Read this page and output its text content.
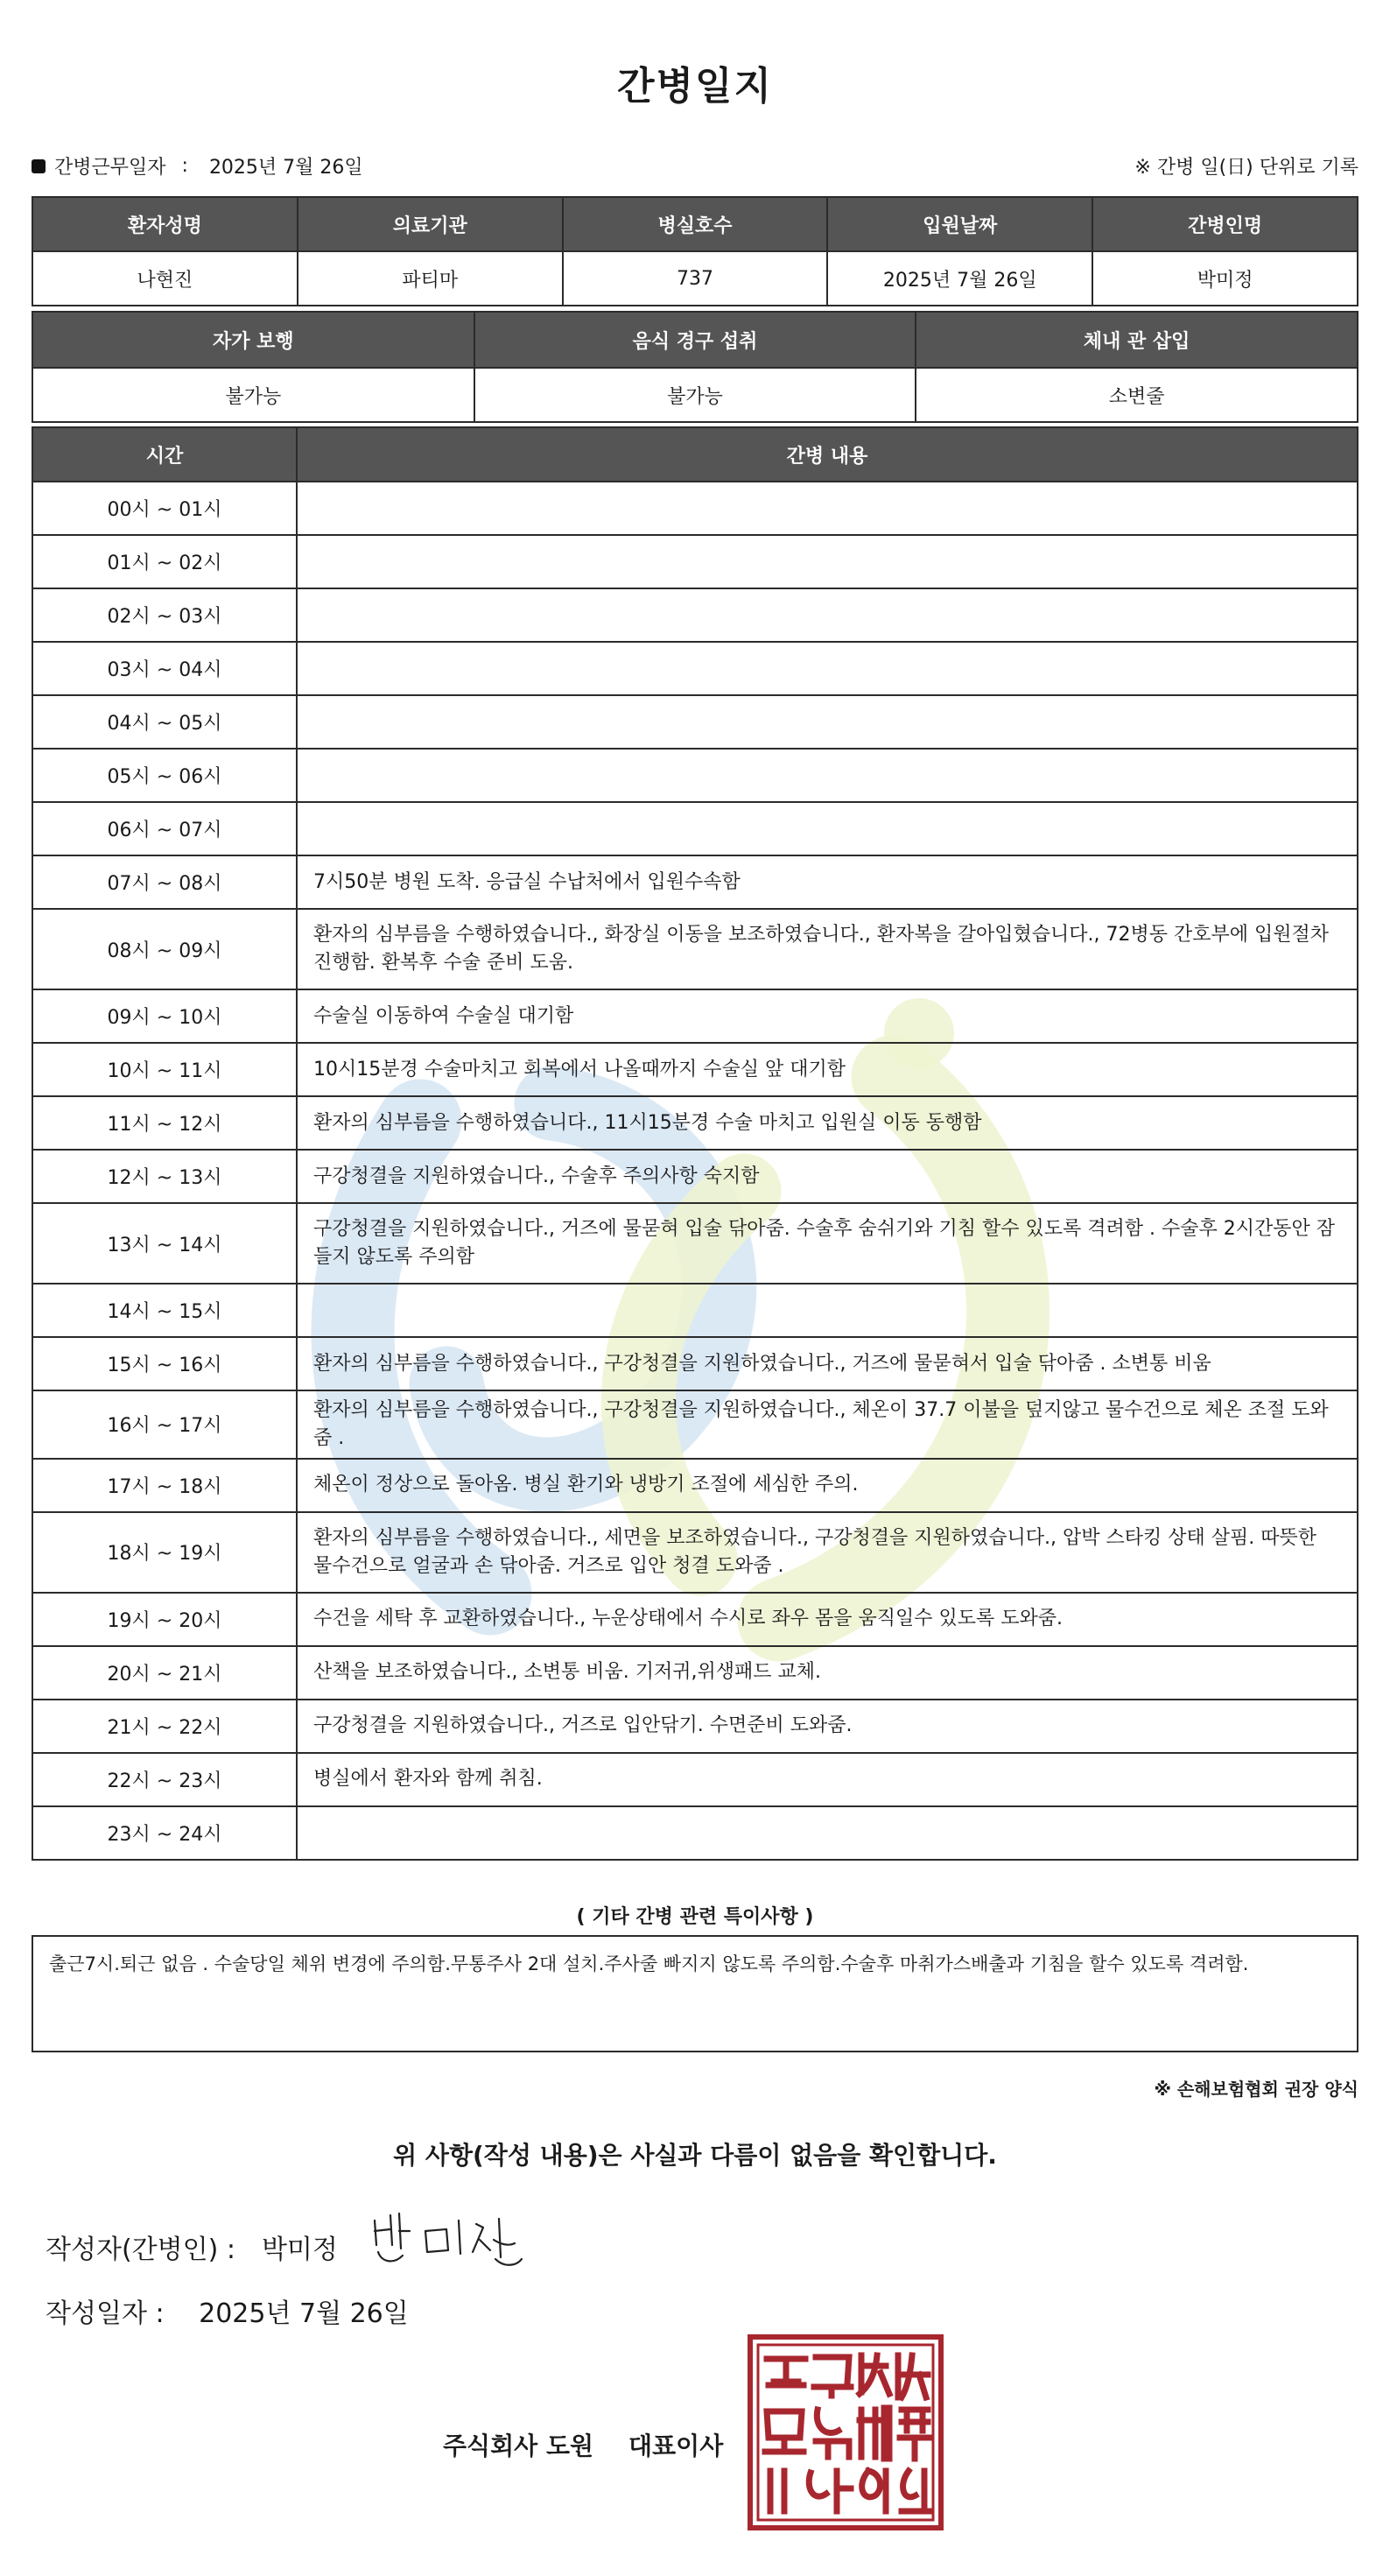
간병일지
간병근무일자 : 2025년 7월 26일	※ 간병 일(日) 단위로 기록
환자성명	의료기관	병실호수	입원날짜	간병인명
나현진	파티마	737	2025년 7월 26일	박미정
자가 보행	음식 경구 섭취	체내 관 삽입
불가능	불가능	소변줄
시간	간병 내용
00시 ~ 01시	
01시 ~ 02시	
02시 ~ 03시	
03시 ~ 04시	
04시 ~ 05시	
05시 ~ 06시	
06시 ~ 07시	
07시 ~ 08시	7시50분 병원 도착. 응급실 수납처에서 입원수속함
08시 ~ 09시	환자의 심부름을 수행하였습니다., 화장실 이동을 보조하였습니다., 환자복을 갈아입혔습니다., 72병동 간호부에 입원절차 진행함. 환복후 수술 준비 도움.
09시 ~ 10시	수술실 이동하여 수술실 대기함
10시 ~ 11시	10시15분경 수술마치고 회복에서 나올때까지 수술실 앞 대기함
11시 ~ 12시	환자의 심부름을 수행하였습니다., 11시15분경 수술 마치고 입원실 이동 동행함
12시 ~ 13시	구강청결을 지원하였습니다., 수술후 주의사항 숙지함
13시 ~ 14시	구강청결을 지원하였습니다., 거즈에 물묻혀 입술 닦아줌. 수술후 숨쉬기와 기침 할수 있도록 격려함 . 수술후 2시간동안 잠들지 않도록 주의함
14시 ~ 15시	
15시 ~ 16시	환자의 심부름을 수행하였습니다., 구강청결을 지원하였습니다., 거즈에 물묻혀서 입술 닦아줌 . 소변통 비움
16시 ~ 17시	환자의 심부름을 수행하였습니다., 구강청결을 지원하였습니다., 체온이 37.7 이불을 덮지않고 물수건으로 체온 조절 도와줌 .
17시 ~ 18시	체온이 정상으로 돌아옴. 병실 환기와 냉방기 조절에 세심한 주의.
18시 ~ 19시	환자의 심부름을 수행하였습니다., 세면을 보조하였습니다., 구강청결을 지원하였습니다., 압박 스타킹 상태 살핌. 따뜻한 물수건으로 얼굴과 손 닦아줌. 거즈로 입안 청결 도와줌 .
19시 ~ 20시	수건을 세탁 후 교환하였습니다., 누운상태에서 수시로 좌우 몸을 움직일수 있도록 도와줌.
20시 ~ 21시	산책을 보조하였습니다., 소변통 비움. 기저귀,위생패드 교체.
21시 ~ 22시	구강청결을 지원하였습니다., 거즈로 입안닦기. 수면준비 도와줌.
22시 ~ 23시	병실에서 환자와 함께 취침.
23시 ~ 24시	
( 기타 간병 관련 특이사항 )
출근7시.퇴근 없음 . 수술당일 체위 변경에 주의함.무통주사 2대 설치.주사줄 빠지지 않도록 주의함.수술후 마취가스배출과 기침을 할수 있도록 격려함.
※ 손해보험협회 권장 양식
위 사항(작성 내용)은 사실과 다름이 없음을 확인합니다.
작성자(간병인) : 박미정
작성일자 : 2025년 7월 26일
주식회사 도원 대표이사
